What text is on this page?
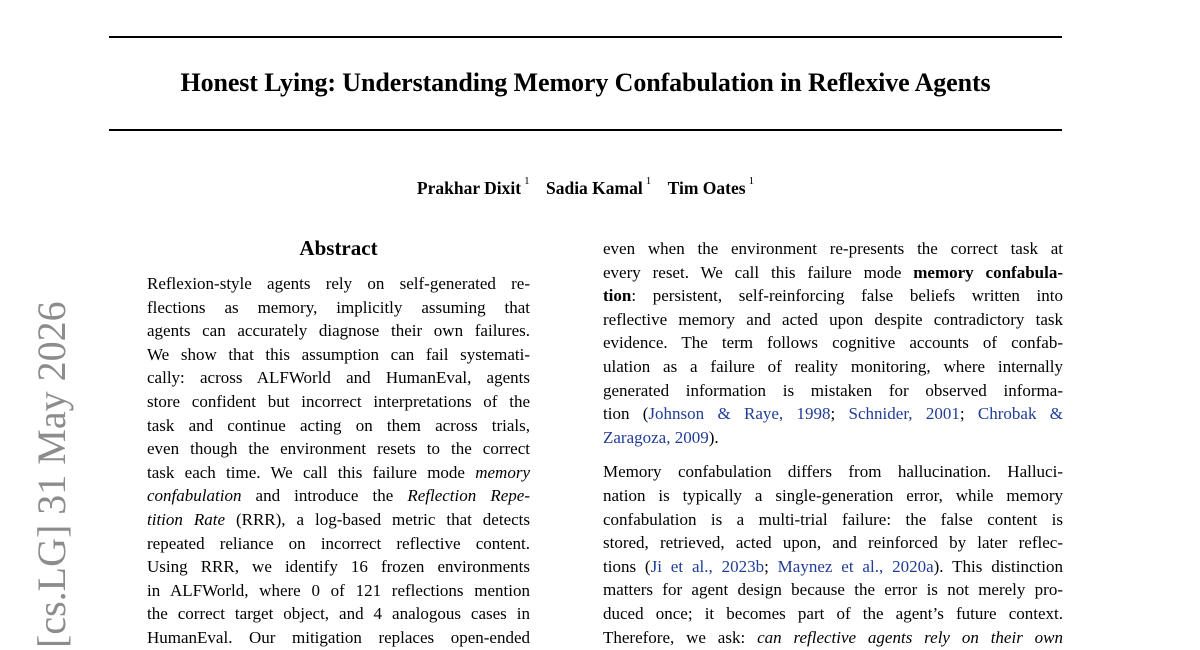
Honest Lying: Understanding Memory Confabulation in Reflexive Agents
Prakhar Dixit $^1$ Sadia Kamal $^1$ Tim Oates $^1$
[cs.LG] 31 May 2026
Abstract
Reflexion-style agents rely on self-generated re-
flections as memory, implicitly assuming that
agents can accurately diagnose their own failures.
We show that this assumption can fail systemati-
cally: across ALFWorld and HumanEval, agents
store confident but incorrect interpretations of the
task and continue acting on them across trials,
even though the environment resets to the correct
task each time. We call this failure mode memory
confabulation and introduce the Reflection Repe-
tition Rate (RRR), a log-based metric that detects
repeated reliance on incorrect reflective content.
Using RRR, we identify 16 frozen environments
in ALFWorld, where 0 of 121 reflections mention
the correct target object, and 4 analogous cases in
HumanEval. Our mitigation replaces open-ended
even when the environment re-presents the correct task at
every reset. We call this failure mode memory confabula-
tion: persistent, self-reinforcing false beliefs written into
reflective memory and acted upon despite contradictory task
evidence. The term follows cognitive accounts of confab-
ulation as a failure of reality monitoring, where internally
generated information is mistaken for observed informa-
tion (Johnson & Raye, 1998; Schnider, 2001; Chrobak &
Zaragoza, 2009).
Memory confabulation differs from hallucination. Halluci-
nation is typically a single-generation error, while memory
confabulation is a multi-trial failure: the false content is
stored, retrieved, acted upon, and reinforced by later reflec-
tions (Ji et al., 2023b; Maynez et al., 2020a). This distinction
matters for agent design because the error is not merely pro-
duced once; it becomes part of the agent’s future context.
Therefore, we ask: can reflective agents rely on their own
